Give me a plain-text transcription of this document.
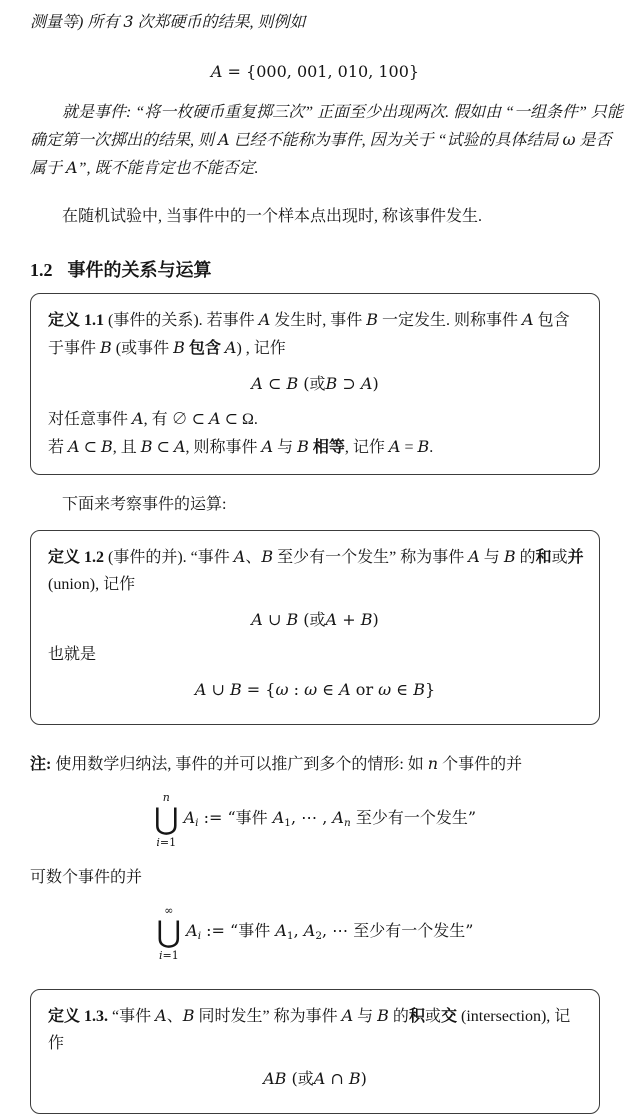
测量等) 所有 3 次郑硬币的结果, 则例如
A = {000, 001, 010, 100}
就是事件: “将一枚硬币重复掷三次” 正面至少出现两次. 假如由 “一组条件” 只能
确定第一次掷出的结果, 则 A 已经不能称为事件, 因为关于 “试验的具体结局 ω 是否
属于 A”, 既不能肯定也不能否定.
在随机试验中, 当事件中的一个样本点出现时, 称该事件发生.
1.2 事件的关系与运算
定义 1.1 (事件的关系). 若事件 A 发生时, 事件 B 一定发生. 则称事件 A 包含
于事件 B (或事件 B 包含 A) , 记作
A ⊂ B (或B ⊃ A)
对任意事件 A, 有 ∅ ⊂ A ⊂ Ω.
若 A ⊂ B, 且 B ⊂ A, 则称事件 A 与 B 相等, 记作 A = B.
下面来考察事件的运算:
定义 1.2 (事件的并). “事件 A、B 至少有一个发生” 称为事件 A 与 B 的和或并
(union), 记作
A ∪ B (或A + B)
也就是
A ∪ B = {ω : ω ∈ A or ω ∈ B}
注: 使用数学归纳法, 事件的并可以推广到多个的情形: 如 n 个事件的并
n
⋃
i=1
Ai := “事件 A1, ⋯ , An 至少有一个发生”
可数个事件的并
∞
⋃
i=1
Ai := “事件 A1, A2, ⋯ 至少有一个发生”
定义 1.3. “事件 A、B 同时发生” 称为事件 A 与 B 的积或交 (intersection), 记
作
AB (或A ∩ B)
